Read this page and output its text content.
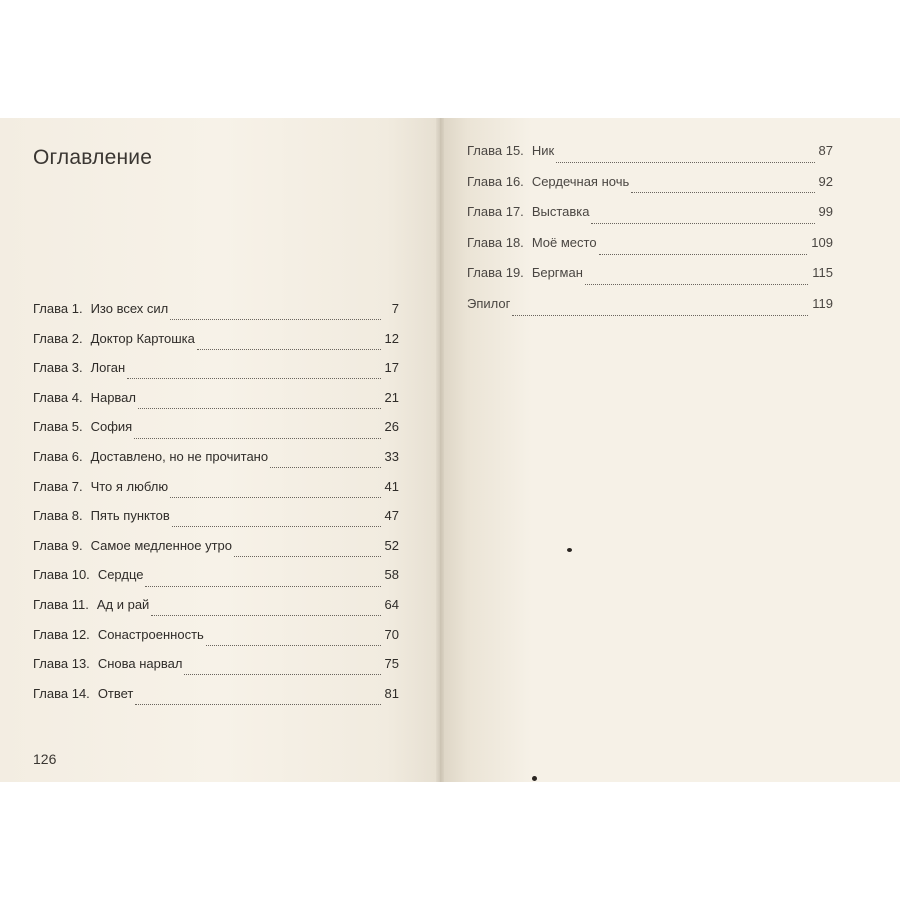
Оглавление
Глава 1. Изо всех сил	7
Глава 2. Доктор Картошка	12
Глава 3. Логан	17
Глава 4. Нарвал	21
Глава 5. София	26
Глава 6. Доставлено, но не прочитано	33
Глава 7. Что я люблю	41
Глава 8. Пять пунктов	47
Глава 9. Самое медленное утро	52
Глава 10. Сердце	58
Глава 11. Ад и рай	64
Глава 12. Сонастроенность	70
Глава 13. Снова нарвал	75
Глава 14. Ответ	81
126
Глава 15. Ник	87
Глава 16. Сердечная ночь	92
Глава 17. Выставка	99
Глава 18. Моё место	109
Глава 19. Бергман	115
Эпилог	119
